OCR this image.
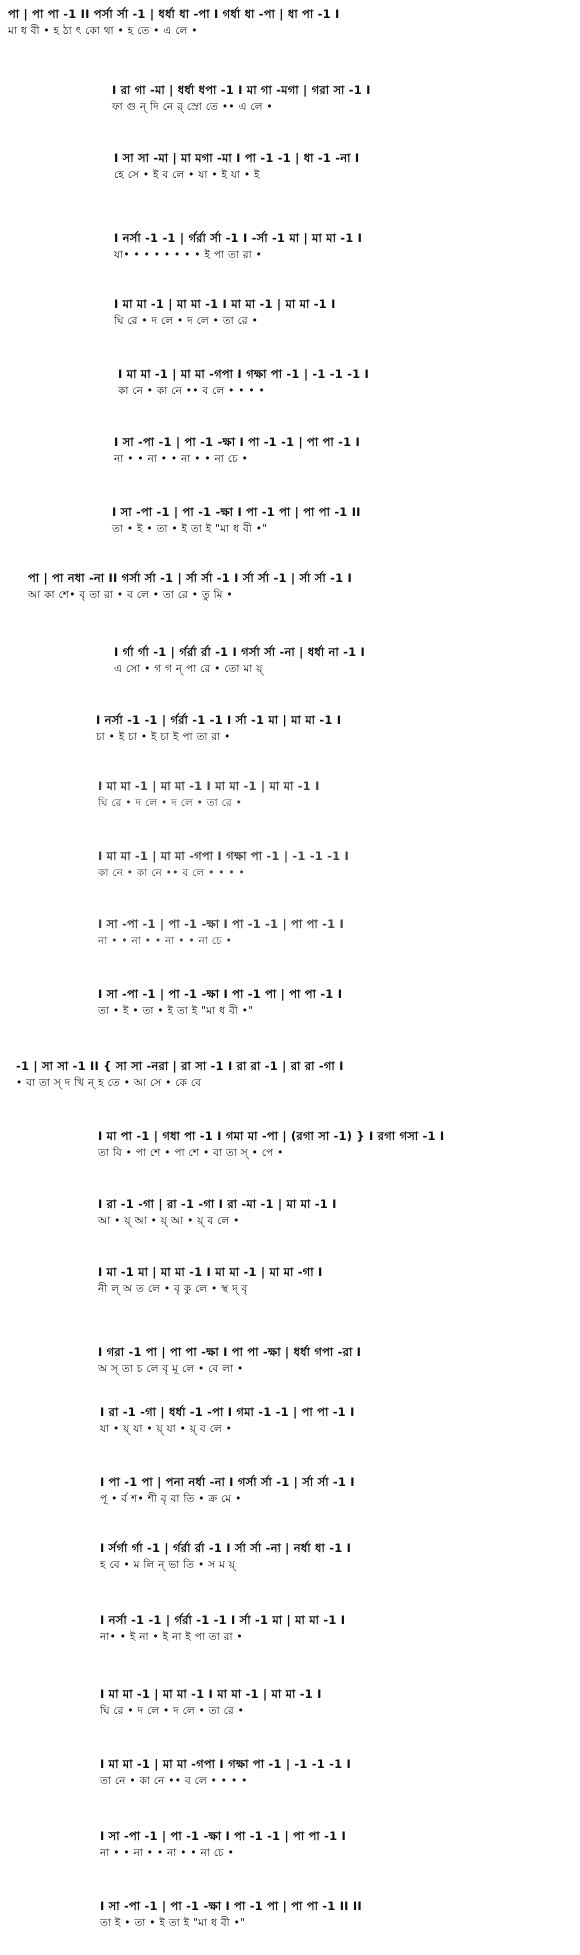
পা | পা পা -1 II পর্সা র্সা -1 | ধর্ধা ধা -পা I গর্ধা ধা -পা | ধা পা -1 I
মা ধ বী • হ ঠা ৎ কো থা • হ তে • এ লে •
I রা গা -মা | ধর্ধা ধপা -1 I মা গা -মগা | গরা সা -1 I
ফা গু ন্ দি নে র্ স্রো তে •• এ লে •
I সা সা -মা | মা মগা -মা I পা -1 -1 | ধা -1 -না I
হে সে • ই ব লে • যা • ই যা • ই
I নর্সা -1 -1 | র্গর্রা র্সা -1 I -র্সা -1 মা | মা মা -1 I
যা• • • • • • • • ই পা তা রা •
I মা মা -1 | মা মা -1 I মা মা -1 | মা মা -1 I
ঘি রে • দ লে • দ লে • তা রে •
I মা মা -1 | মা মা -গপা I গক্ষা পা -1 | -1 -1 -1 I
কা নে • কা নে •• ব লে • • • •
I সা -পা -1 | পা -1 -ক্ষা I পা -1 -1 | পা পা -1 I
না • • না • • না • • না চে •
I সা -পা -1 | পা -1 -ক্ষা I পা -1 পা | পা পা -1 II
তা • ই • তা • ই তা ই "মা ধ বী •"
পা | পা নধা -না II গর্সা র্সা -1 | র্সা র্সা -1 I র্সা র্সা -1 | র্সা র্সা -1 I
আ কা শে• বৃ তা রা • ব লে • তা রে • তু মি •
I র্গা র্গা -1 | র্গর্রা র্রা -1 I গর্সা র্সা -না | ধর্ধা না -1 I
এ সো • গ গ ন্ পা রে • তো মা য়্
I নর্সা -1 -1 | র্গর্রা -1 -1 I র্সা -1 মা | মা মা -1 I
চা • ই চা • ই চা ই পা তা রা •
I মা মা -1 | মা মা -1 I মা মা -1 | মা মা -1 I
ঘি রে • দ লে • দ লে • তা রে •
I মা মা -1 | মা মা -গপা I গক্ষা পা -1 | -1 -1 -1 I
কা নে • কা নে •• ব লে • • • •
I সা -পা -1 | পা -1 -ক্ষা I পা -1 -1 | পা পা -1 I
না • • না • • না • • না চে •
I সা -পা -1 | পা -1 -ক্ষা I পা -1 পা | পা পা -1 I
তা • ই • তা • ই তা ই "মা ধ বী •"
-1 | সা সা -1 II { সা সা -নরা | রা সা -1 I রা রা -1 | রা রা -গা I
• বা তা স্ দ খি ন্ হ তে • আ সে • কে বে
I মা পা -1 | গধা পা -1 I গমা মা -পা | (রগা সা -1) } I রগা গসা -1 I
তা বি • পা শে • পা শে • বা তা স্ • পে •
I রা -1 -গা | রা -1 -গা I রা -মা -1 | মা মা -1 I
আ • য়্ আ • য়্ আ • য়্ ব লে •
I মা -1 মা | মা মা -1 I মা মা -1 | মা মা -গা I
নী ল্ অ ত লে • বৃ কু লে • স্থ দ্ বৃ
I গরা -1 পা | পা পা -ক্ষা I পা পা -ক্ষা | ধর্ধা গপা -রা I
অ স্ তা চ লে বৃ মূ লে • বে লা •
I রা -1 -গা | ধর্ধা -1 -পা I গমা -1 -1 | পা পা -1 I
যা • য়্ যা • য়্ যা • য়্ ব লে •
I পা -1 পা | পনা নর্ধা -না I গর্সা র্সা -1 | র্সা র্সা -1 I
পূ • র্ব শ• শী বৃ বা তি • ক্র মে •
I র্সর্গা র্গা -1 | র্গর্রা র্রা -1 I র্সা র্সা -না | নর্ধা ধা -1 I
হ বে • ম লি ন্ ভা তি • স ম য়্
I নর্সা -1 -1 | র্গর্রা -1 -1 I র্সা -1 মা | মা মা -1 I
না• • ই না • ই না ই পা তা রা •
I মা মা -1 | মা মা -1 I মা মা -1 | মা মা -1 I
ঘি রে • দ লে • দ লে • তা রে •
I মা মা -1 | মা মা -গপা I গক্ষা পা -1 | -1 -1 -1 I
তা নে • কা নে •• ব লে • • • •
I সা -পা -1 | পা -1 -ক্ষা I পা -1 -1 | পা পা -1 I
না • • না • • না • • না চে •
I সা -পা -1 | পা -1 -ক্ষা I পা -1 পা | পা পা -1 II II
তা ই • তা • ই তা ই "মা ধ বী •"
